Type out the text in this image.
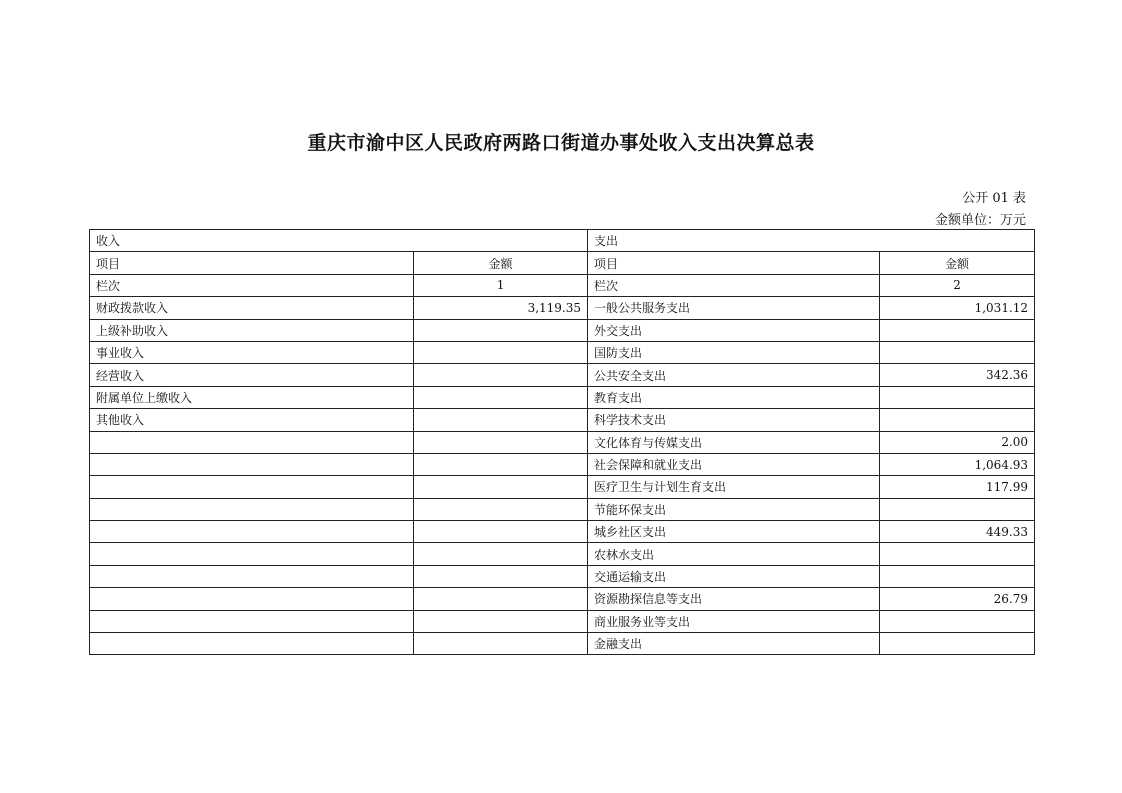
重庆市渝中区人民政府两路口街道办事处收入支出决算总表
公开 01 表
金额单位：万元
收入		支出	
项目	金额	项目	金额
栏次	1	栏次	2
财政拨款收入	3,119.35	一般公共服务支出	1,031.12
上级补助收入		外交支出	
事业收入		国防支出	
经营收入		公共安全支出	342.36
附属单位上缴收入		教育支出	
其他收入		科学技术支出	
		文化体育与传媒支出	2.00
		社会保障和就业支出	1,064.93
		医疗卫生与计划生育支出	117.99
		节能环保支出	
		城乡社区支出	449.33
		农林水支出	
		交通运输支出	
		资源勘探信息等支出	26.79
		商业服务业等支出	
		金融支出	
